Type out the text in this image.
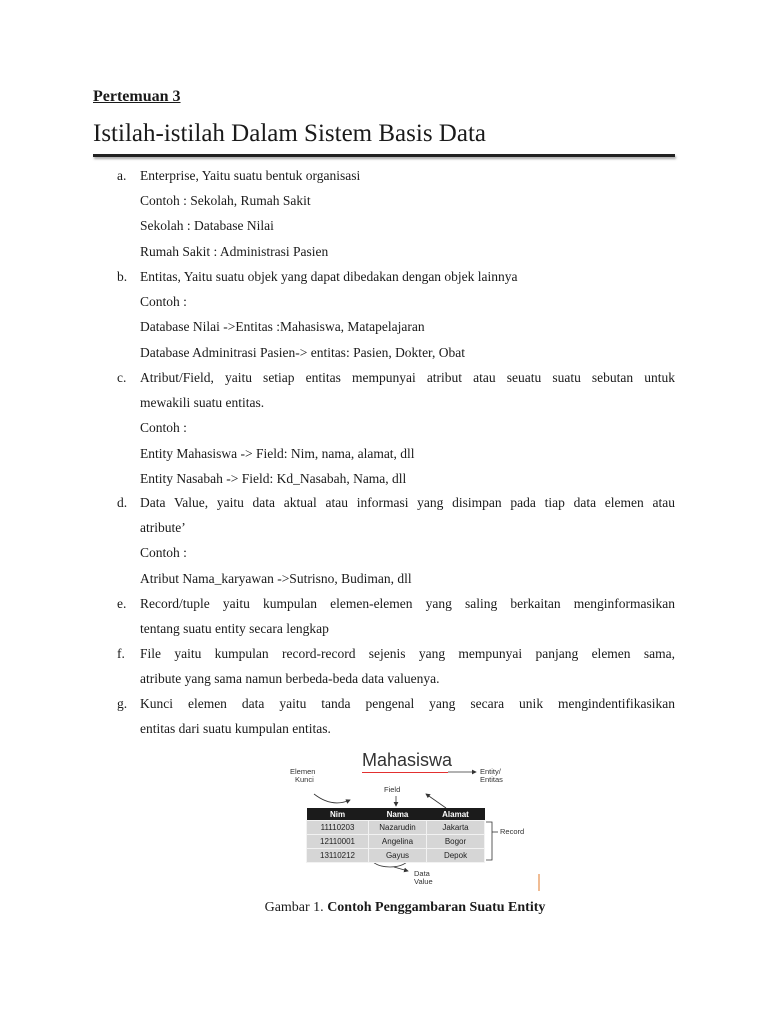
Pertemuan 3
Istilah-istilah Dalam Sistem Basis Data
a. Enterprise, Yaitu suatu bentuk organisasi
Contoh : Sekolah, Rumah Sakit
Sekolah : Database Nilai
Rumah Sakit : Administrasi Pasien
b. Entitas, Yaitu suatu objek yang dapat dibedakan dengan objek lainnya
Contoh :
Database Nilai ->Entitas :Mahasiswa, Matapelajaran
Database Adminitrasi Pasien-> entitas: Pasien, Dokter, Obat
c. Atribut/Field, yaitu setiap entitas mempunyai atribut atau seuatu suatu sebutan untuk
mewakili suatu entitas.
Contoh :
Entity Mahasiswa -> Field: Nim, nama, alamat, dll
Entity Nasabah -> Field: Kd_Nasabah, Nama, dll
d. Data Value, yaitu data aktual atau informasi yang disimpan pada tiap data elemen atau
atribute’
Contoh :
Atribut Nama_karyawan ->Sutrisno, Budiman, dll
e. Record/tuple yaitu kumpulan elemen-elemen yang saling berkaitan menginformasikan
tentang suatu entity secara lengkap
f. File yaitu kumpulan record-record sejenis yang mempunyai panjang elemen sama,
atribute yang sama namun berbeda-beda data valuenya.
g. Kunci elemen data yaitu tanda pengenal yang secara unik mengindentifikasikan
entitas dari suatu kumpulan entitas.
Mahasiswa
Elemen
Kunci
Field
Entity/
Entitas
Record
Data
Value
Nim	Nama	Alamat
11110203	Nazarudin	Jakarta
12110001	Angelina	Bogor
13110212	Gayus	Depok
Gambar 1. Contoh Penggambaran Suatu Entity
